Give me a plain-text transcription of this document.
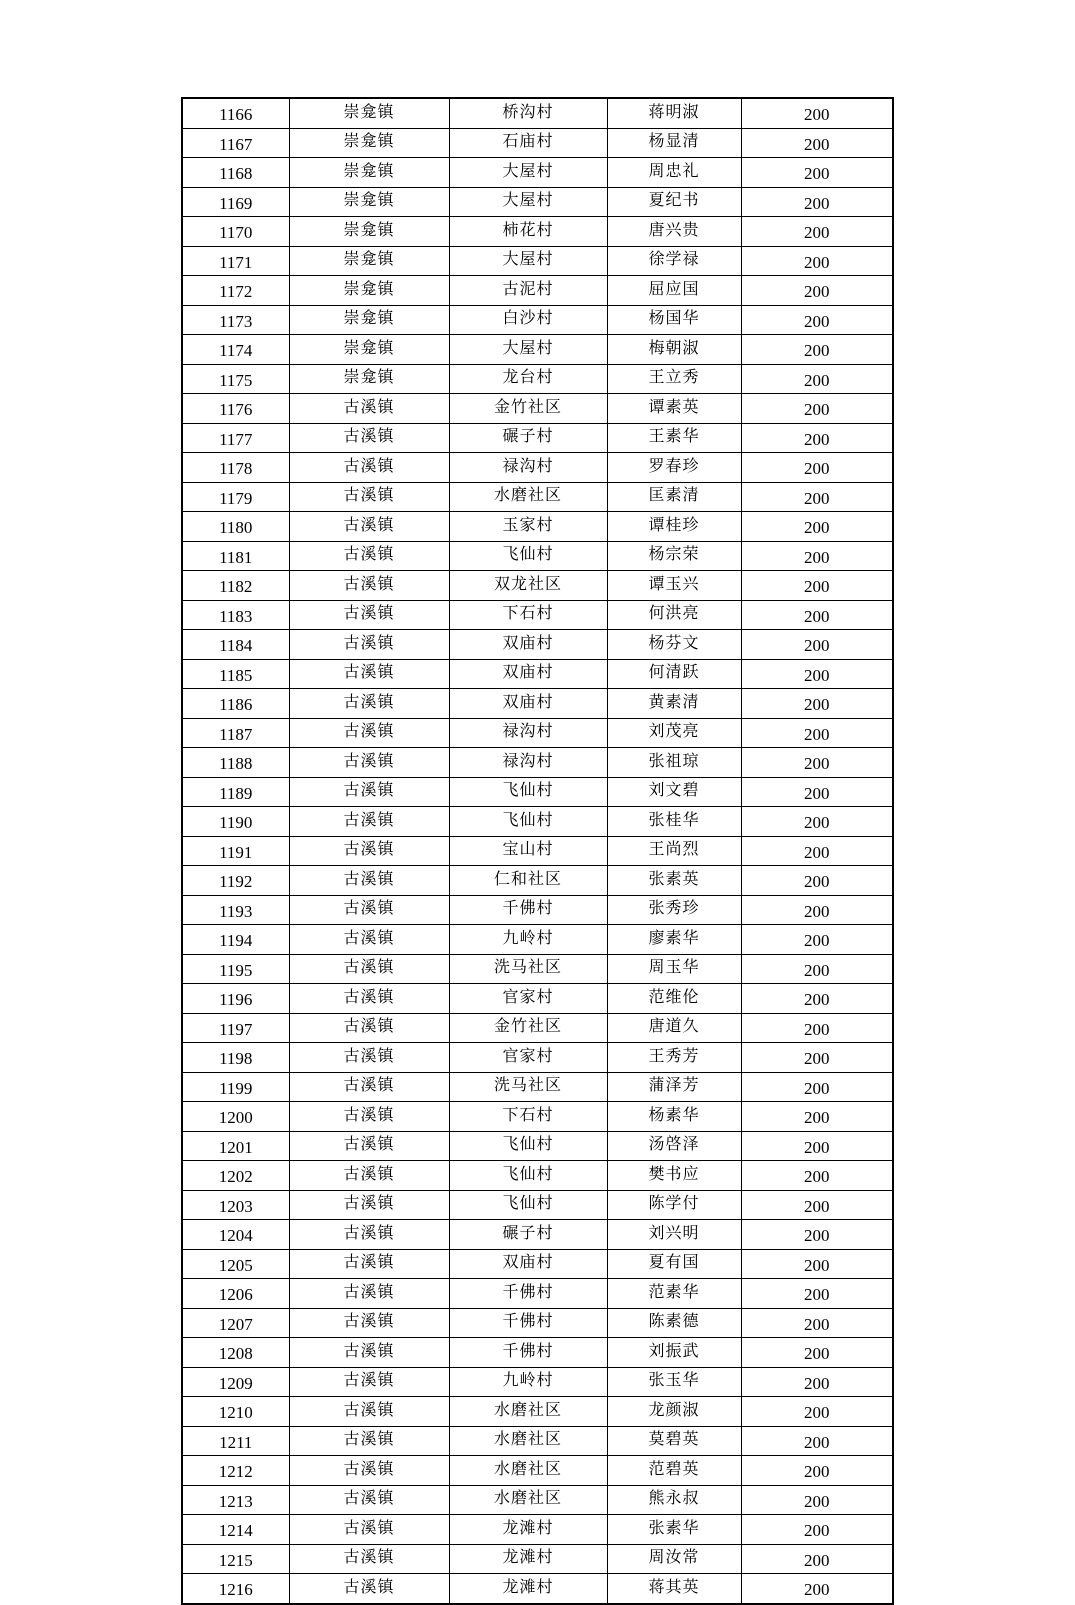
1166	崇龛镇	桥沟村	蒋明淑	200
1167	崇龛镇	石庙村	杨显清	200
1168	崇龛镇	大屋村	周忠礼	200
1169	崇龛镇	大屋村	夏纪书	200
1170	崇龛镇	柿花村	唐兴贵	200
1171	崇龛镇	大屋村	徐学禄	200
1172	崇龛镇	古泥村	屈应国	200
1173	崇龛镇	白沙村	杨国华	200
1174	崇龛镇	大屋村	梅朝淑	200
1175	崇龛镇	龙台村	王立秀	200
1176	古溪镇	金竹社区	谭素英	200
1177	古溪镇	碾子村	王素华	200
1178	古溪镇	禄沟村	罗春珍	200
1179	古溪镇	水磨社区	匡素清	200
1180	古溪镇	玉家村	谭桂珍	200
1181	古溪镇	飞仙村	杨宗荣	200
1182	古溪镇	双龙社区	谭玉兴	200
1183	古溪镇	下石村	何洪亮	200
1184	古溪镇	双庙村	杨芬文	200
1185	古溪镇	双庙村	何清跃	200
1186	古溪镇	双庙村	黄素清	200
1187	古溪镇	禄沟村	刘茂亮	200
1188	古溪镇	禄沟村	张祖琼	200
1189	古溪镇	飞仙村	刘文碧	200
1190	古溪镇	飞仙村	张桂华	200
1191	古溪镇	宝山村	王尚烈	200
1192	古溪镇	仁和社区	张素英	200
1193	古溪镇	千佛村	张秀珍	200
1194	古溪镇	九岭村	廖素华	200
1195	古溪镇	洗马社区	周玉华	200
1196	古溪镇	官家村	范维伦	200
1197	古溪镇	金竹社区	唐道久	200
1198	古溪镇	官家村	王秀芳	200
1199	古溪镇	洗马社区	蒲泽芳	200
1200	古溪镇	下石村	杨素华	200
1201	古溪镇	飞仙村	汤啓泽	200
1202	古溪镇	飞仙村	樊书应	200
1203	古溪镇	飞仙村	陈学付	200
1204	古溪镇	碾子村	刘兴明	200
1205	古溪镇	双庙村	夏有国	200
1206	古溪镇	千佛村	范素华	200
1207	古溪镇	千佛村	陈素德	200
1208	古溪镇	千佛村	刘振武	200
1209	古溪镇	九岭村	张玉华	200
1210	古溪镇	水磨社区	龙颜淑	200
1211	古溪镇	水磨社区	莫碧英	200
1212	古溪镇	水磨社区	范碧英	200
1213	古溪镇	水磨社区	熊永叔	200
1214	古溪镇	龙滩村	张素华	200
1215	古溪镇	龙滩村	周汝常	200
1216	古溪镇	龙滩村	蒋其英	200
